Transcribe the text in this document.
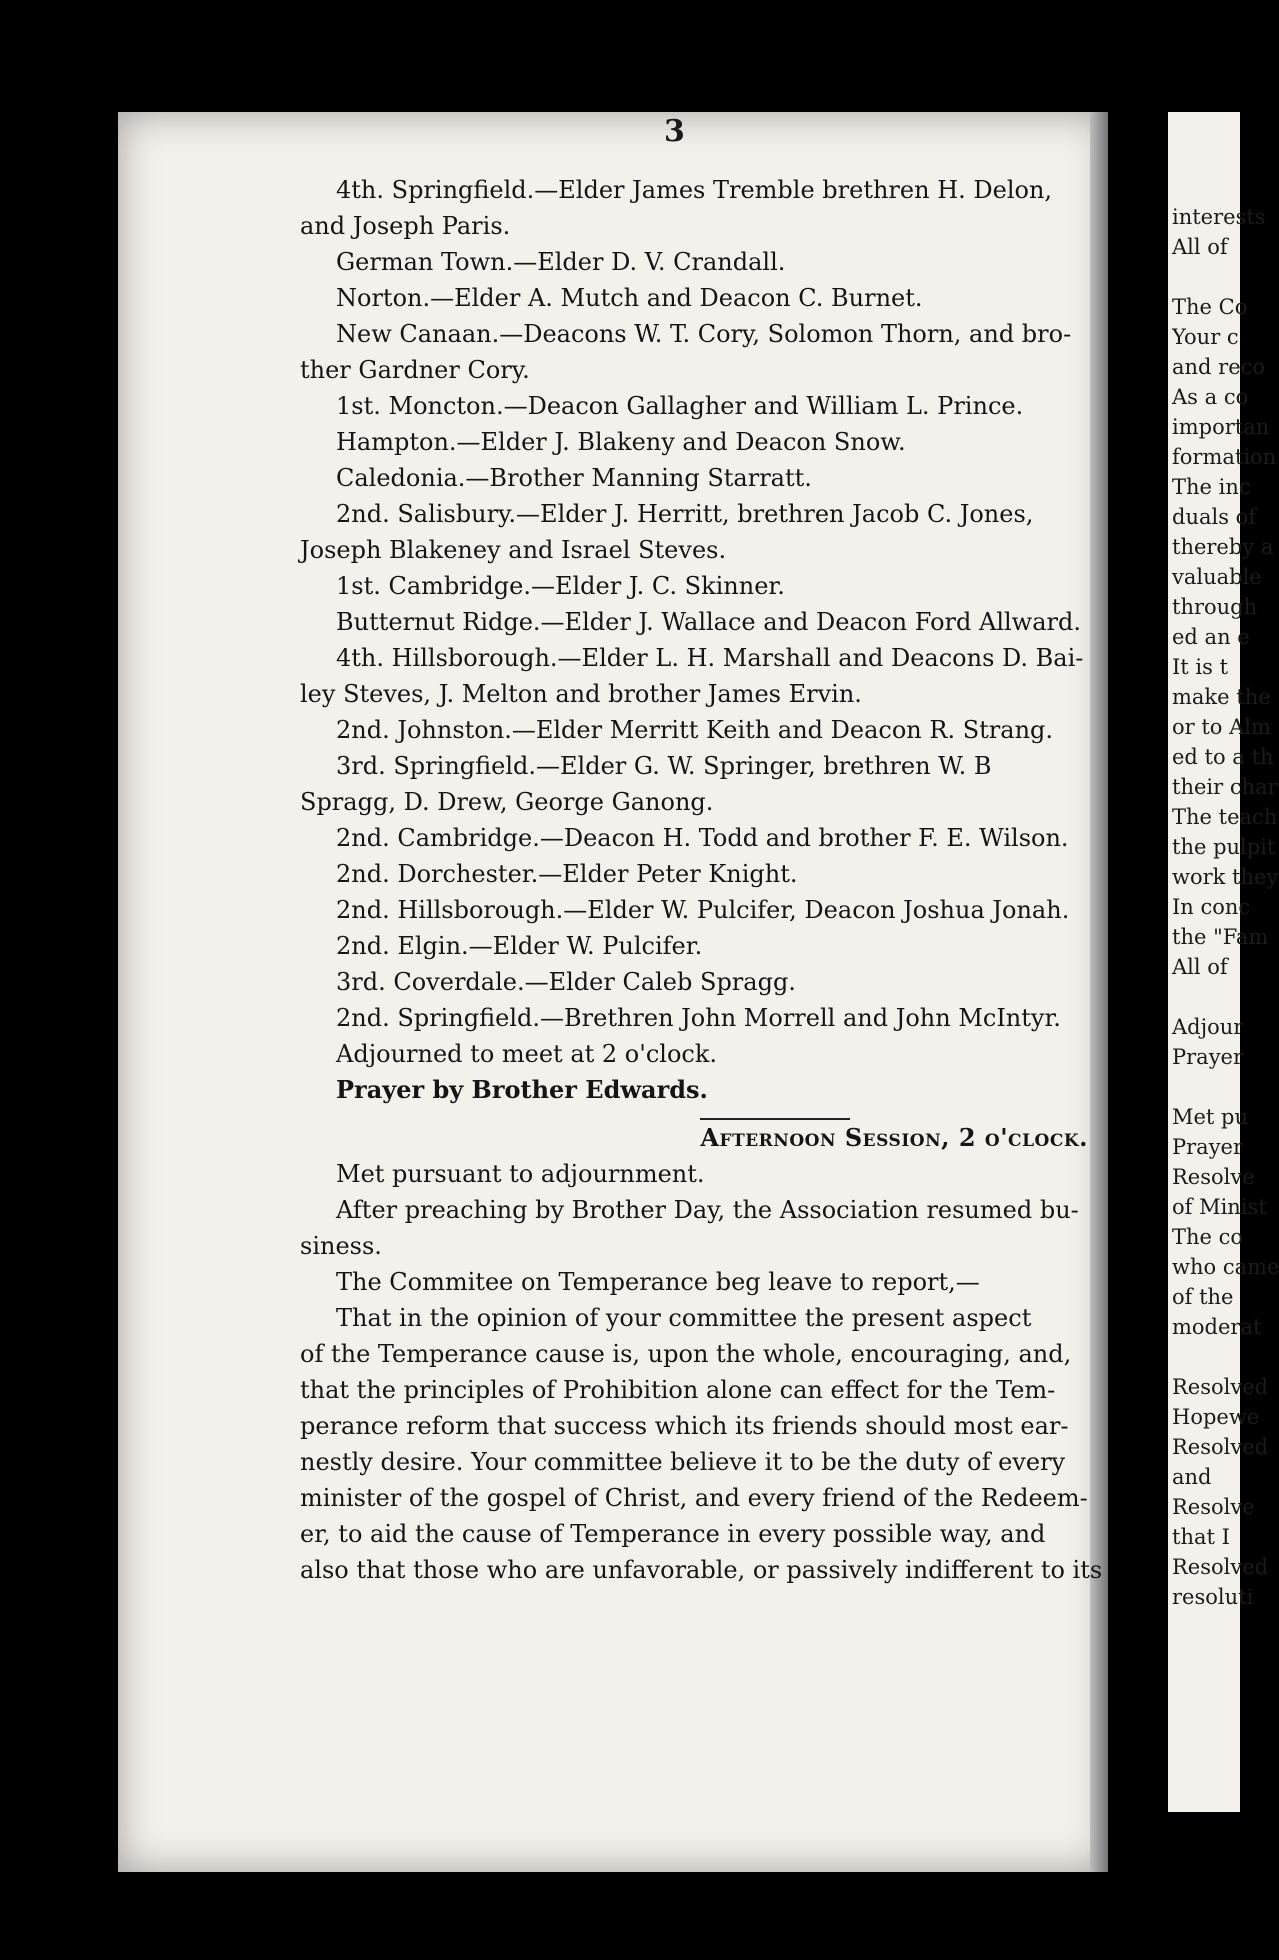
3
4th. Springfield.—Elder James Tremble brethren H. Delon,
and Joseph Paris.
German Town.—Elder D. V. Crandall.
Norton.—Elder A. Mutch and Deacon C. Burnet.
New Canaan.—Deacons W. T. Cory, Solomon Thorn, and bro-
ther Gardner Cory.
1st. Moncton.—Deacon Gallagher and William L. Prince.
Hampton.—Elder J. Blakeny and Deacon Snow.
Caledonia.—Brother Manning Starratt.
2nd. Salisbury.—Elder J. Herritt, brethren Jacob C. Jones,
Joseph Blakeney and Israel Steves.
1st. Cambridge.—Elder J. C. Skinner.
Butternut Ridge.—Elder J. Wallace and Deacon Ford Allward.
4th. Hillsborough.—Elder L. H. Marshall and Deacons D. Bai-
ley Steves, J. Melton and brother James Ervin.
2nd. Johnston.—Elder Merritt Keith and Deacon R. Strang.
3rd. Springfield.—Elder G. W. Springer, brethren W. B
Spragg, D. Drew, George Ganong.
2nd. Cambridge.—Deacon H. Todd and brother F. E. Wilson.
2nd. Dorchester.—Elder Peter Knight.
2nd. Hillsborough.—Elder W. Pulcifer, Deacon Joshua Jonah.
2nd. Elgin.—Elder W. Pulcifer.
3rd. Coverdale.—Elder Caleb Spragg.
2nd. Springfield.—Brethren John Morrell and John McIntyr.
Adjourned to meet at 2 o'clock.
Prayer by Brother Edwards.
Afternoon Session, 2 o'clock.
Met pursuant to adjournment.
After preaching by Brother Day, the Association resumed bu-
siness.
The Commitee on Temperance beg leave to report,—
That in the opinion of your committee the present aspect
of the Temperance cause is, upon the whole, encouraging, and,
that the principles of Prohibition alone can effect for the Tem-
perance reform that success which its friends should most ear-
nestly desire. Your committee believe it to be the duty of every
minister of the gospel of Christ, and every friend of the Redeem-
er, to aid the cause of Temperance in every possible way, and
also that those who are unfavorable, or passively indifferent to its

interests
All of

The Co
Your c
and reco
As a co
importan
formation
The inc
duals of
thereby a
valuable
through
ed an e
It is t
make the
or to Alm
ed to a th
their char
The teach
the pulpit
work they
In conc
the "Fam
All of

Adjour
Prayer

Met pu
Prayer
Resolve
of Minist
The co
who came
of the
moderat

Resolved
Hopewe
Resolved
and
Resolve
that I
Resolved
resoluti
